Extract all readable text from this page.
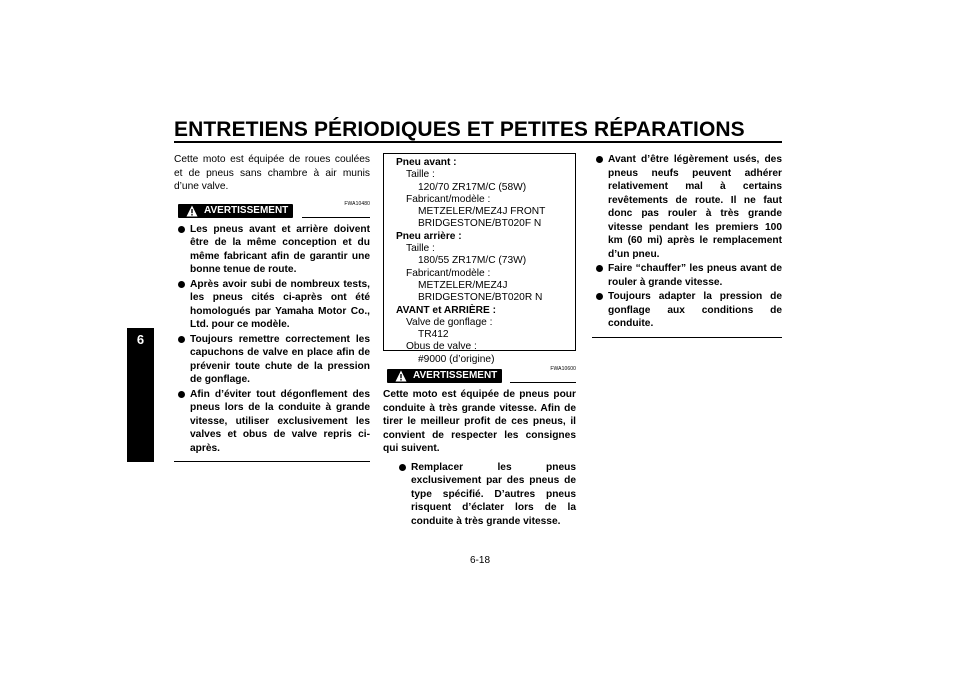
ENTRETIENS PÉRIODIQUES ET PETITES RÉPARATIONS
6

Cette moto est équipée de roues coulées et de pneus sans chambre à air munis d’une valve.

FWA10480
AVERTISSEMENT
Les pneus avant et arrière doivent être de la même conception et du même fabricant afin de garantir une bonne tenue de route.
Après avoir subi de nombreux tests, les pneus cités ci-après ont été homologués par Yamaha Motor Co., Ltd. pour ce modèle.
Toujours remettre correctement les capuchons de valve en place afin de prévenir toute chute de la pression de gonflage.
Afin d’éviter tout dégonflement des pneus lors de la conduite à grande vitesse, utiliser exclusivement les valves et obus de valve repris ci-après.
Pneu avant :
Taille :
120/70 ZR17M/C (58W)
Fabricant/modèle :
METZELER/MEZ4J FRONT
BRIDGESTONE/BT020F N
Pneu arrière :
Taille :
180/55 ZR17M/C (73W)
Fabricant/modèle :
METZELER/MEZ4J
BRIDGESTONE/BT020R N
AVANT et ARRIÈRE :
Valve de gonflage :
TR412
Obus de valve :
#9000 (d’origine)
FWA10600
AVERTISSEMENT

Cette moto est équipée de pneus pour conduite à très grande vitesse. Afin de tirer le meilleur profit de ces pneus, il convient de respecter les consignes qui suivent.

Remplacer les pneus exclusivement par des pneus de type spécifié. D’autres pneus risquent d’éclater lors de la conduite à très grande vitesse.
Avant d’être légèrement usés, des pneus neufs peuvent adhérer relativement mal à certains revêtements de route. Il ne faut donc pas rouler à très grande vitesse pendant les premiers 100 km (60 mi) après le remplacement d’un pneu.
Faire “chauffer” les pneus avant de rouler à grande vitesse.
Toujours adapter la pression de gonflage aux conditions de conduite.
6-18
